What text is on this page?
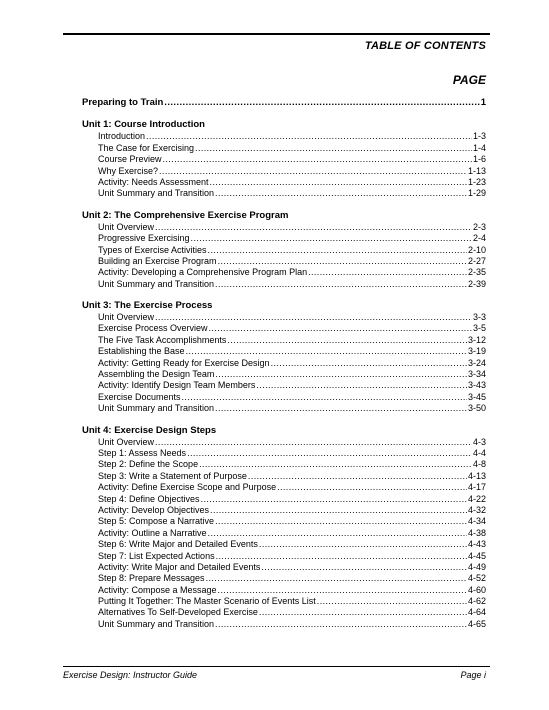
TABLE OF CONTENTS
PAGE
Preparing to Train .....	1
Unit 1: Course Introduction
Introduction .....	1-3
The Case for Exercising .....	1-4
Course Preview .....	1-6
Why Exercise? .....	1-13
Activity: Needs Assessment .....	1-23
Unit Summary and Transition .....	1-29
Unit 2: The Comprehensive Exercise Program
Unit Overview .....	2-3
Progressive Exercising .....	2-4
Types of Exercise Activities .....	2-10
Building an Exercise Program .....	2-27
Activity: Developing a Comprehensive Program Plan .....	2-35
Unit Summary and Transition .....	2-39
Unit 3: The Exercise Process
Unit Overview .....	3-3
Exercise Process Overview .....	3-5
The Five Task Accomplishments .....	3-12
Establishing the Base .....	3-19
Activity: Getting Ready for Exercise Design .....	3-24
Assembling the Design Team .....	3-34
Activity: Identify Design Team Members .....	3-43
Exercise Documents .....	3-45
Unit Summary and Transition .....	3-50
Unit 4: Exercise Design Steps
Unit Overview .....	4-3
Step 1: Assess Needs .....	4-4
Step 2: Define the Scope .....	4-8
Step 3: Write a Statement of Purpose .....	4-13
Activity: Define Exercise Scope and Purpose .....	4-17
Step 4: Define Objectives .....	4-22
Activity: Develop Objectives .....	4-32
Step 5: Compose a Narrative .....	4-34
Activity: Outline a Narrative .....	4-38
Step 6: Write Major and Detailed Events .....	4-43
Step 7: List Expected Actions .....	4-45
Activity: Write Major and Detailed Events .....	4-49
Step 8: Prepare Messages .....	4-52
Activity: Compose a Message .....	4-60
Putting It Together: The Master Scenario of Events List .....	4-62
Alternatives To Self-Developed Exercise .....	4-64
Unit Summary and Transition .....	4-65
Exercise Design: Instructor Guide	Page i
